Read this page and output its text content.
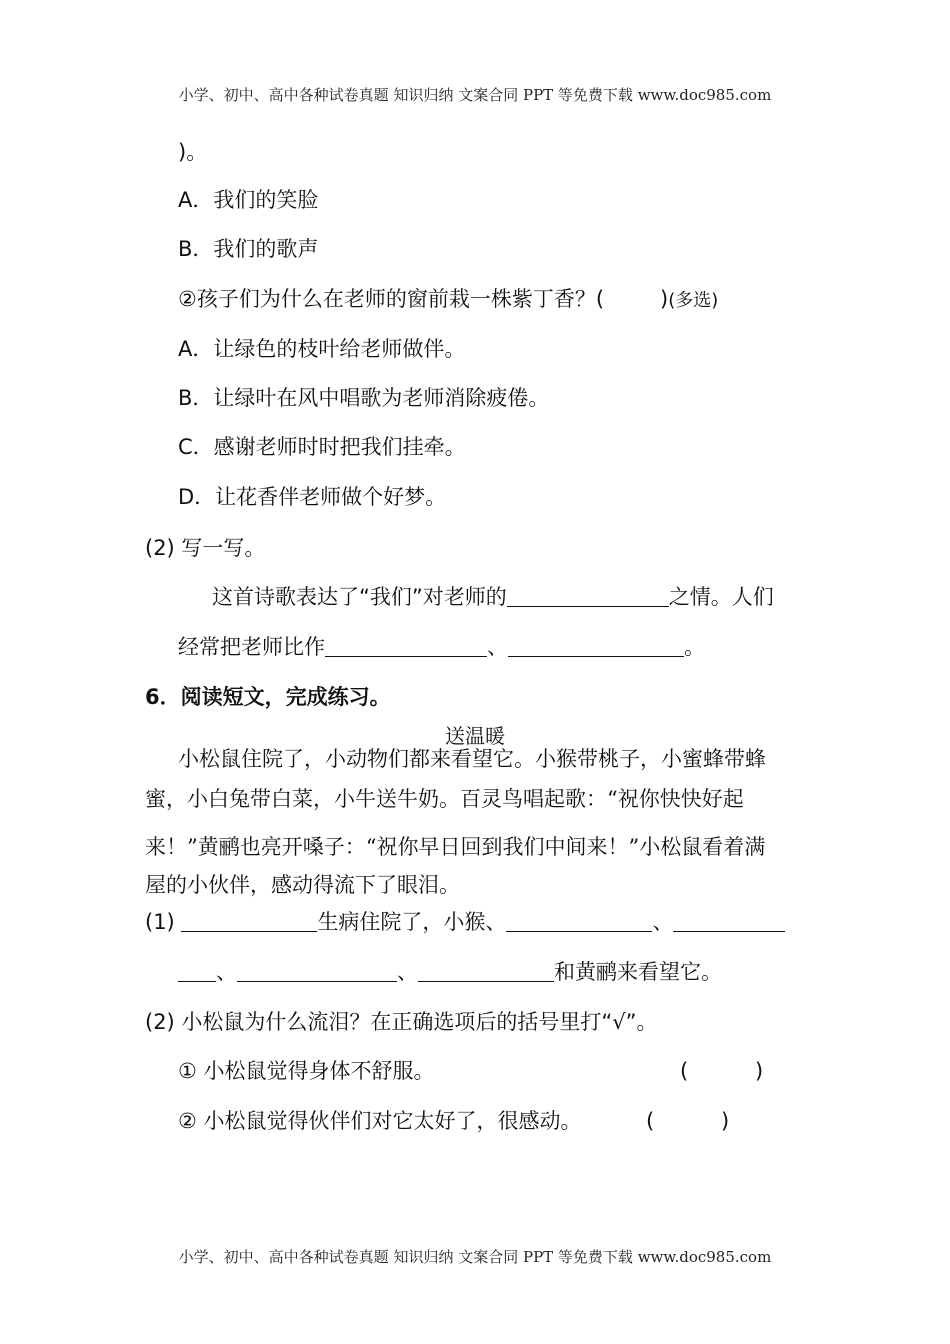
小学、初中、高中各种试卷真题 知识归纳 文案合同 PPT 等免费下载 www.doc985.com
)。
A．我们的笑脸
B．我们的歌声
②孩子们为什么在老师的窗前栽一株紫丁香？(	)(多选)
A．让绿色的枝叶给老师做伴。
B．让绿叶在风中唱歌为老师消除疲倦。
C．感谢老师时时把我们挂牵。
D．让花香伴老师做个好梦。
(2) 写一写。
这首诗歌表达了“我们”对老师的	之情。人们
经常把老师比作	、	。
6．阅读短文，完成练习。
送温暖
小松鼠住院了，小动物们都来看望它。小猴带桃子，小蜜蜂带蜂
蜜，小白兔带白菜，小牛送牛奶。百灵鸟唱起歌：“祝你快快好起
来！”黄鹂也亮开嗓子：“祝你早日回到我们中间来！”小松鼠看着满
屋的小伙伴，感动得流下了眼泪。
(1)	生病住院了，小猴、	、
、	、	和黄鹂来看望它。
(2) 小松鼠为什么流泪？在正确选项后的括号里打“√”。
① 小松鼠觉得身体不舒服。	(	)
② 小松鼠觉得伙伴们对它太好了，很感动。	(	)
小学、初中、高中各种试卷真题 知识归纳 文案合同 PPT 等免费下载 www.doc985.com
